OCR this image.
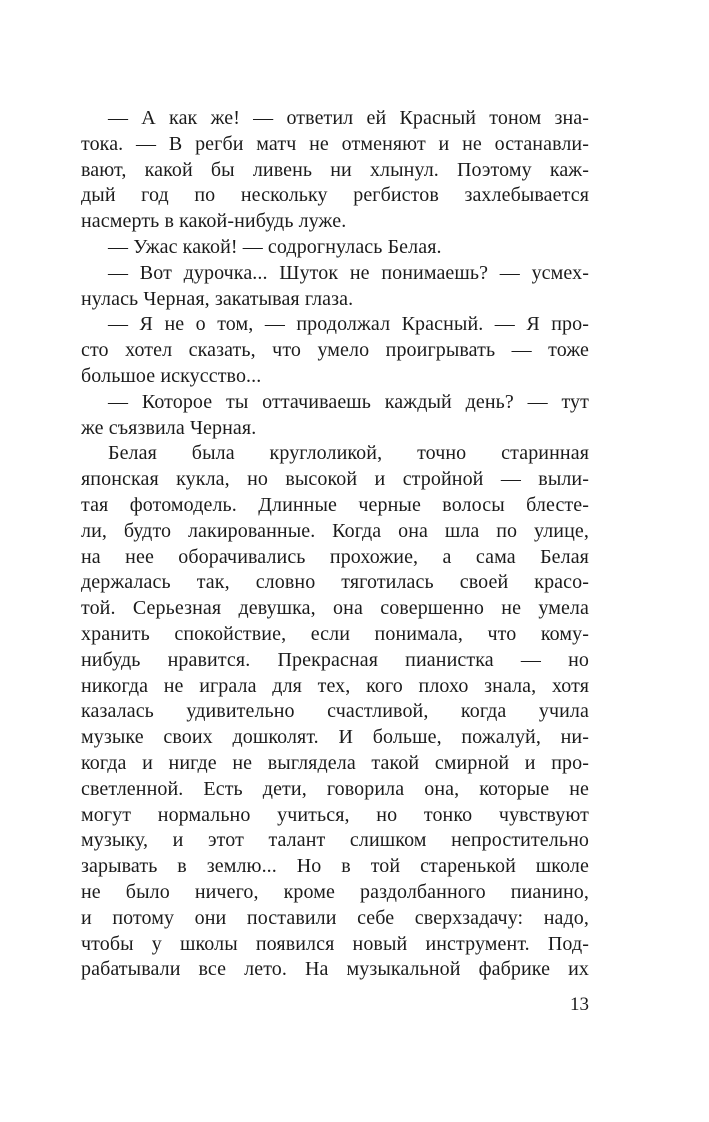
— А как же! — ответил ей Красный тоном зна-
тока. — В регби матч не отменяют и не останавли-
вают, какой бы ливень ни хлынул. Поэтому каж-
дый год по нескольку регбистов захлебывается
насмерть в какой-нибудь луже.
— Ужас какой! — содрогнулась Белая.
— Вот дурочка... Шуток не понимаешь? — усмех-
нулась Черная, закатывая глаза.
— Я не о том, — продолжал Красный. — Я про-
сто хотел сказать, что умело проигрывать — тоже
большое искусство...
— Которое ты оттачиваешь каждый день? — тут
же съязвила Черная.
Белая была круглоликой, точно старинная
японская кукла, но высокой и стройной — выли-
тая фотомодель. Длинные черные волосы блесте-
ли, будто лакированные. Когда она шла по улице,
на нее оборачивались прохожие, а сама Белая
держалась так, словно тяготилась своей красо-
той. Серьезная девушка, она совершенно не умела
хранить спокойствие, если понимала, что кому-
нибудь нравится. Прекрасная пианистка — но
никогда не играла для тех, кого плохо знала, хотя
казалась удивительно счастливой, когда учила
музыке своих дошколят. И больше, пожалуй, ни-
когда и нигде не выглядела такой смирной и про-
светленной. Есть дети, говорила она, которые не
могут нормально учиться, но тонко чувствуют
музыку, и этот талант слишком непростительно
зарывать в землю... Но в той старенькой школе
не было ничего, кроме раздолбанного пианино,
и потому они поставили себе сверхзадачу: надо,
чтобы у школы появился новый инструмент. Под-
рабатывали все лето. На музыкальной фабрике их
13
